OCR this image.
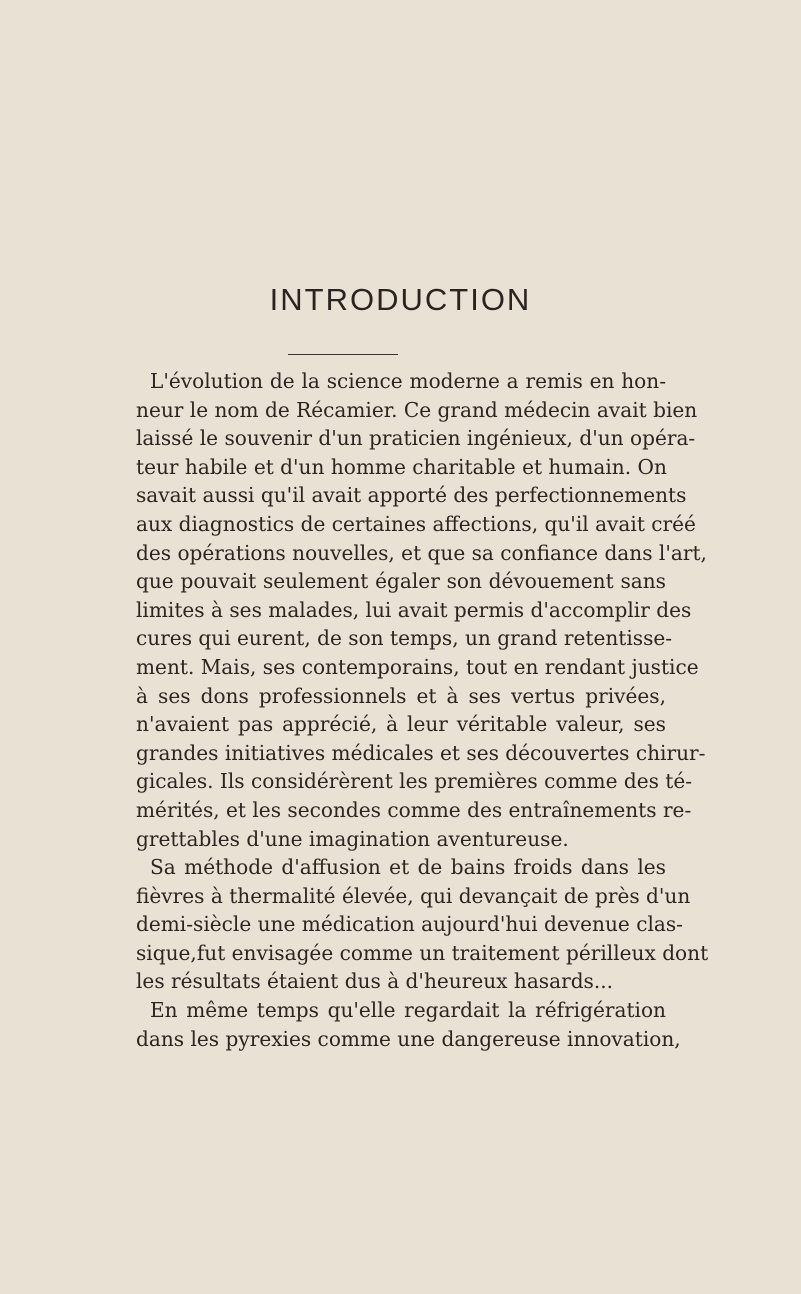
INTRODUCTION
L'évolution de la science moderne a remis en hon-
neur le nom de Récamier. Ce grand médecin avait bien
laissé le souvenir d'un praticien ingénieux, d'un opéra-
teur habile et d'un homme charitable et humain. On
savait aussi qu'il avait apporté des perfectionnements
aux diagnostics de certaines affections, qu'il avait créé
des opérations nouvelles, et que sa confiance dans l'art,
que pouvait seulement égaler son dévouement sans
limites à ses malades, lui avait permis d'accomplir des
cures qui eurent, de son temps, un grand retentisse-
ment. Mais, ses contemporains, tout en rendant justice
à ses dons professionnels et à ses vertus privées,
n'avaient pas apprécié, à leur véritable valeur, ses
grandes initiatives médicales et ses découvertes chirur-
gicales. Ils considérèrent les premières comme des té-
mérités, et les secondes comme des entraînements re-
grettables d'une imagination aventureuse.
Sa méthode d'affusion et de bains froids dans les
fièvres à thermalité élevée, qui devançait de près d'un
demi-siècle une médication aujourd'hui devenue clas-
sique,fut envisagée comme un traitement périlleux dont
les résultats étaient dus à d'heureux hasards...
En même temps qu'elle regardait la réfrigération
dans les pyrexies comme une dangereuse innovation,
